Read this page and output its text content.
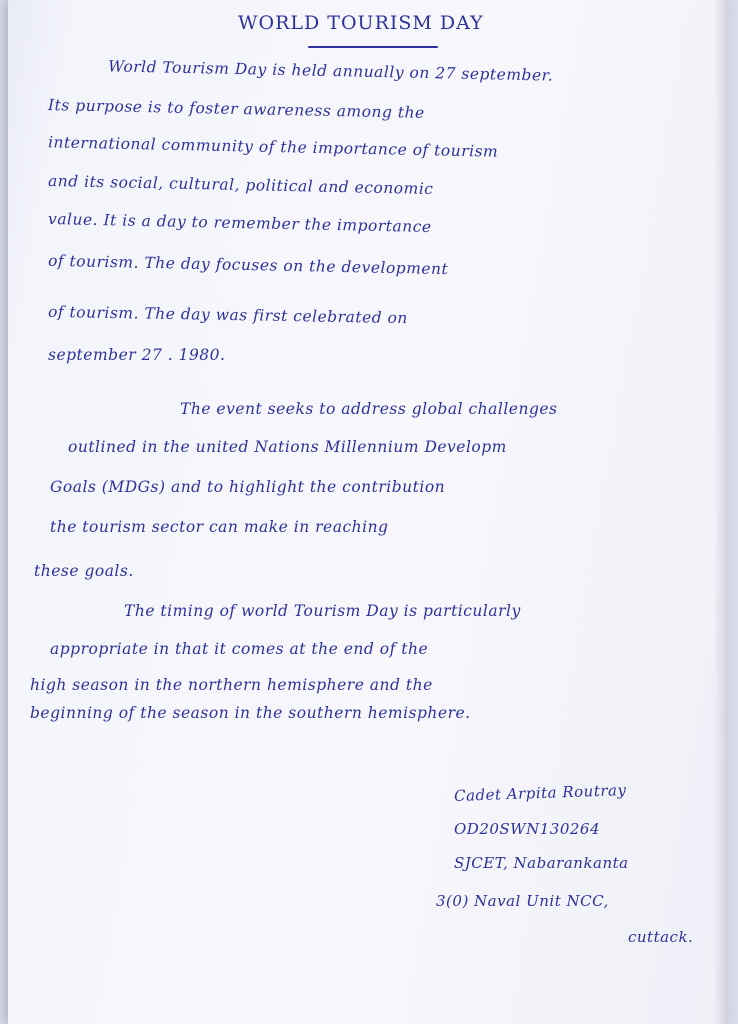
WORLD TOURISM DAY
World Tourism Day is held annually on 27 september.
Its purpose is to foster awareness among the
international community of the importance of tourism
and its social, cultural, political and economic
value. It is a day to remember the importance
of tourism. The day focuses on the development
of tourism. The day was first celebrated on
september 27 . 1980.
The event seeks to address global challenges
outlined in the united Nations Millennium Developm
Goals (MDGs) and to highlight the contribution
the tourism sector can make in reaching
these goals.
The timing of world Tourism Day is particularly
appropriate in that it comes at the end of the
high season in the northern hemisphere and the
beginning of the season in the southern hemisphere.
Cadet Arpita Routray
OD20SWN130264
SJCET, Nabarankanta
3(0) Naval Unit NCC,
cuttack.
